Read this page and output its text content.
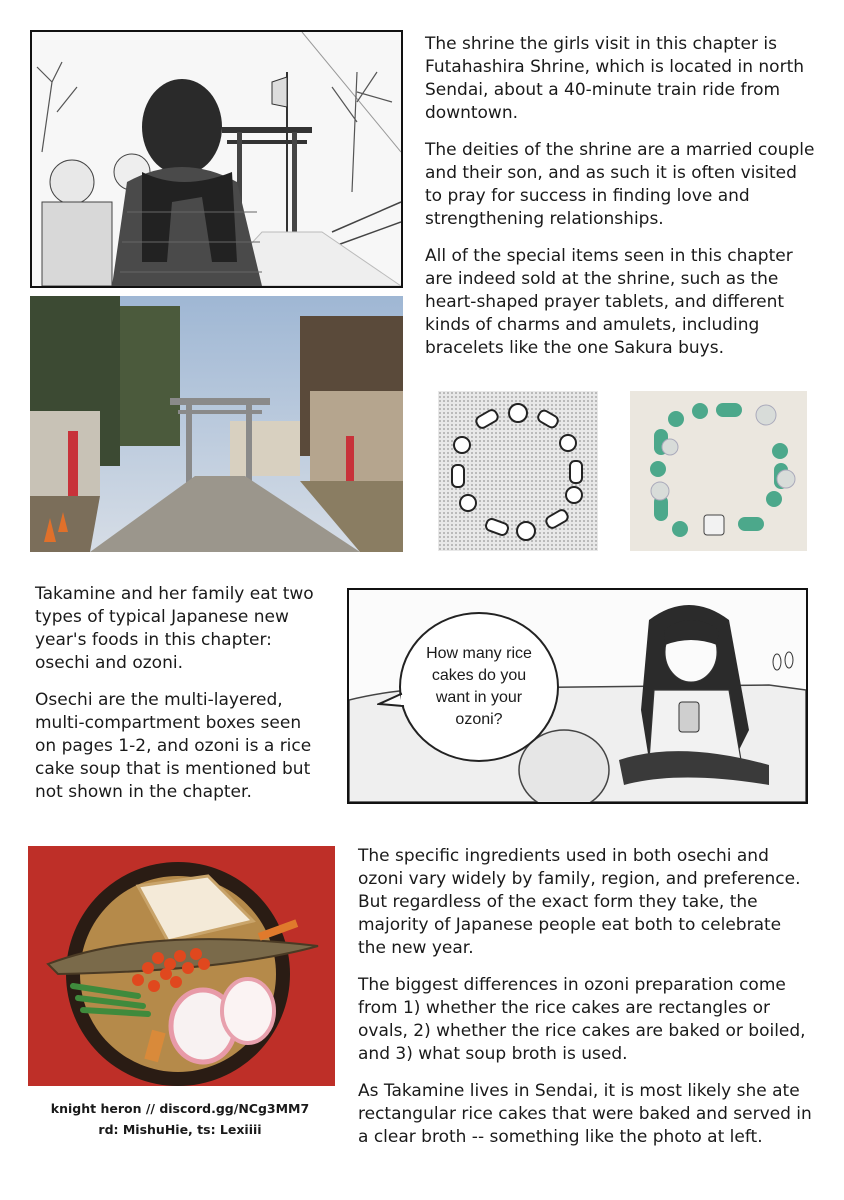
The shrine the girls visit in this chapter is Futahashira Shrine, which is located in north Sendai, about a 40-minute train ride from downtown.

The deities of the shrine are a married couple and their son, and as such it is often visited to pray for success in finding love and strengthening relationships.

All of the special items seen in this chapter are indeed sold at the shrine, such as the heart-shaped prayer tablets, and different kinds of charms and amulets, including bracelets like the one Sakura buys.

Takamine and her family eat two types of typical Japanese new year's foods in this chapter: osechi and ozoni.

Osechi are the multi-layered, multi-compartment boxes seen on pages 1-2, and ozoni is a rice cake soup that is mentioned but not shown in the chapter.

How many rice cakes do you want in your ozoni?
knight heron // discord.gg/NCg3MM7
rd: MishuHie, ts: Lexiiii

The specific ingredients used in both osechi and ozoni vary widely by family, region, and preference. But regardless of the exact form they take, the majority of Japanese people eat both to celebrate the new year.

The biggest differences in ozoni preparation come from 1) whether the rice cakes are rectangles or ovals, 2) whether the rice cakes are baked or boiled, and 3) what soup broth is used.

As Takamine lives in Sendai, it is most likely she ate rectangular rice cakes that were baked and served in a clear broth -- something like the photo at left.
